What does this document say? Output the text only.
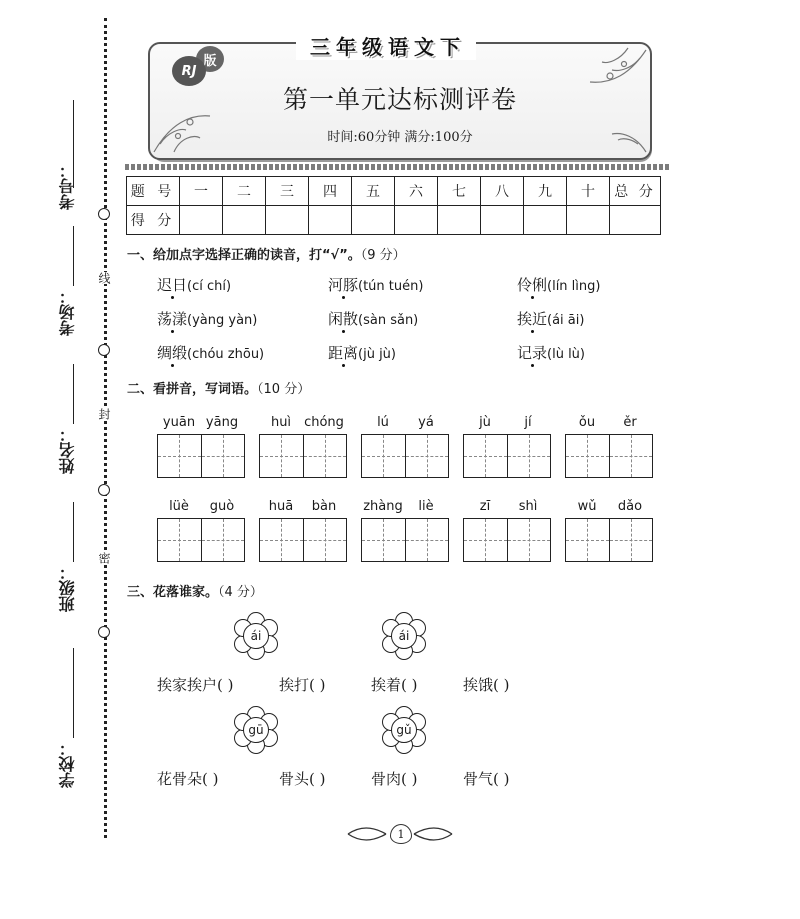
线
封
密
考号：
考场：
姓名：
班级：
学校：
三 年 级 语 文 下
版
RJ
第一单元达标测评卷
时间:60分钟 满分:100分
题 号	一	二	三	四	五	六	七	八	九	十	总 分
得 分											
一、给加点字选择正确的读音，打“√”。（9 分）
迟日(cí chí)	河豚(tún tuén)	伶俐(lín lìng)
荡漾(yàng yàn)	闲散(sàn sǎn)	挨近(ái āi)
绸缎(chóu zhōu)	距离(jù jù)	记录(lù lù)
二、看拼音，写词语。（10 分）
yuān yāng	huì	chóng	lú	yá	jù	jí	ǒu	ěr
lüè	guò	huā	bàn	zhàng	liè	zī	shì	wǔ	dǎo
三、花落谁家。（4 分）
ái	ái
挨家挨户( )	挨打( )	挨着( )	挨饿( )
gū	gǔ
花骨朵( )	骨头( )	骨肉( )	骨气( )
1
